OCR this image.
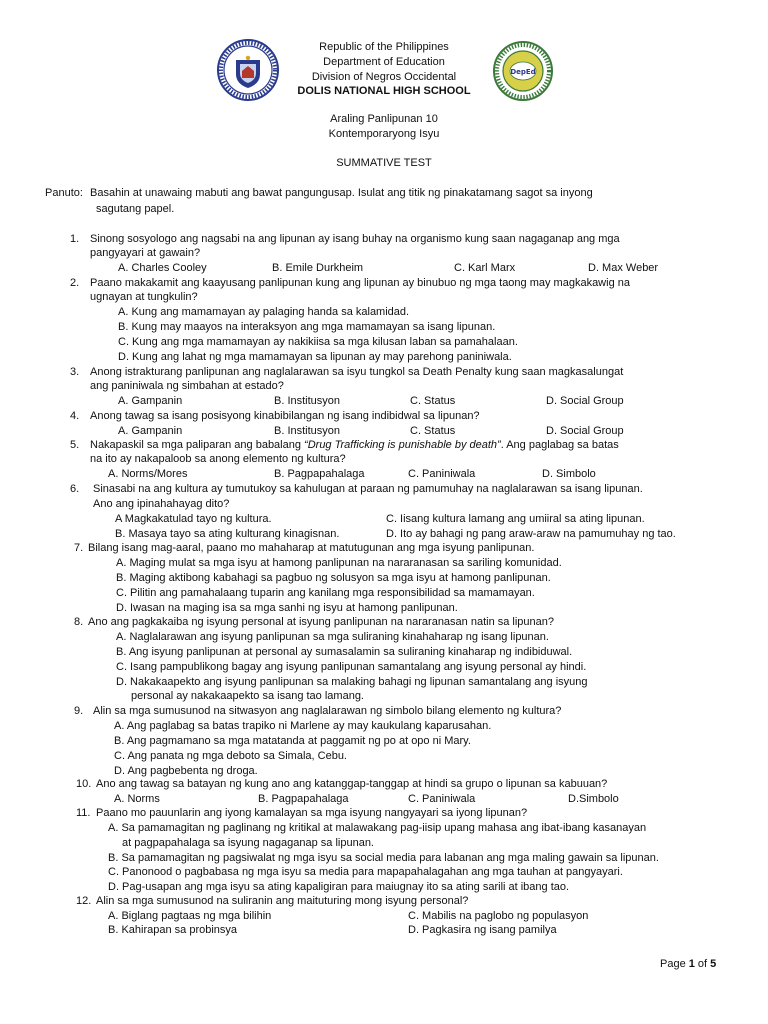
DepEd
Republic of the Philippines
Department of Education
Division of Negros Occidental
DOLIS NATIONAL HIGH SCHOOL
Araling Panlipunan 10
Kontemporaryong Isyu
SUMMATIVE TEST
Panuto: Basahin at unawaing mabuti ang bawat pangungusap. Isulat ang titik ng pinakatamang sagot sa inyong
sagutang papel.
1. Sinong sosyologo ang nagsabi na ang lipunan ay isang buhay na organismo kung saan nagaganap ang mga
pangyayari at gawain?
A. Charles Cooley	B. Emile Durkheim	C. Karl Marx	D. Max Weber
2. Paano makakamit ang kaayusang panlipunan kung ang lipunan ay binubuo ng mga taong may magkakawig na
ugnayan at tungkulin?
A. Kung ang mamamayan ay palaging handa sa kalamidad.
B. Kung may maayos na interaksyon ang mga mamamayan sa isang lipunan.
C. Kung ang mga mamamayan ay nakikiisa sa mga kilusan laban sa pamahalaan.
D. Kung ang lahat ng mga mamamayan sa lipunan ay may parehong paniniwala.
3. Anong istrakturang panlipunan ang naglalarawan sa isyu tungkol sa Death Penalty kung saan magkasalungat
ang paniniwala ng simbahan at estado?
A. Gampanin	B. Institusyon	C. Status	D. Social Group
4. Anong tawag sa isang posisyong kinabibilangan ng isang indibidwal sa lipunan?
A. Gampanin	B. Institusyon	C. Status	D. Social Group
5. Nakapaskil sa mga paliparan ang babalang “Drug Trafficking is punishable by death”. Ang paglabag sa batas
na ito ay nakapaloob sa anong elemento ng kultura?
A. Norms/Mores	B. Pagpapahalaga	C. Paniniwala	D. Simbolo
6. Sinasabi na ang kultura ay tumutukoy sa kahulugan at paraan ng pamumuhay na naglalarawan sa isang lipunan.
Ano ang ipinahahayag dito?
A Magkakatulad tayo ng kultura.	C. Iisang kultura lamang ang umiiral sa ating lipunan.
B. Masaya tayo sa ating kulturang kinagisnan.	D. Ito ay bahagi ng pang araw-araw na pamumuhay ng tao.
7. Bilang isang mag-aaral, paano mo mahaharap at matutugunan ang mga isyung panlipunan.
A. Maging mulat sa mga isyu at hamong panlipunan na nararanasan sa sariling komunidad.
B. Maging aktibong kabahagi sa pagbuo ng solusyon sa mga isyu at hamong panlipunan.
C. Pilitin ang pamahalaang tuparin ang kanilang mga responsibilidad sa mamamayan.
D. Iwasan na maging isa sa mga sanhi ng isyu at hamong panlipunan.
8. Ano ang pagkakaiba ng isyung personal at isyung panlipunan na nararanasan natin sa lipunan?
A. Naglalarawan ang isyung panlipunan sa mga suliraning kinahaharap ng isang lipunan.
B. Ang isyung panlipunan at personal ay sumasalamin sa suliraning kinaharap ng indibiduwal.
C. Isang pampublikong bagay ang isyung panlipunan samantalang ang isyung personal ay hindi.
D. Nakakaapekto ang isyung panlipunan sa malaking bahagi ng lipunan samantalang ang isyung
personal ay nakakaapekto sa isang tao lamang.
9. Alin sa mga sumusunod na sitwasyon ang naglalarawan ng simbolo bilang elemento ng kultura?
A. Ang paglabag sa batas trapiko ni Marlene ay may kaukulang kaparusahan.
B. Ang pagmamano sa mga matatanda at paggamit ng po at opo ni Mary.
C. Ang panata ng mga deboto sa Simala, Cebu.
D. Ang pagbebenta ng droga.
10. Ano ang tawag sa batayan ng kung ano ang katanggap-tanggap at hindi sa grupo o lipunan sa kabuuan?
A. Norms	B. Pagpapahalaga	C. Paniniwala	D.Simbolo
11. Paano mo pauunlarin ang iyong kamalayan sa mga isyung nangyayari sa iyong lipunan?
A. Sa pamamagitan ng paglinang ng kritikal at malawakang pag-iisip upang mahasa ang ibat-ibang kasanayan
at pagpapahalaga sa isyung nagaganap sa lipunan.
B. Sa pamamagitan ng pagsiwalat ng mga isyu sa social media para labanan ang mga maling gawain sa lipunan.
C. Panonood o pagbabasa ng mga isyu sa media para mapapahalagahan ang mga tauhan at pangyayari.
D. Pag-usapan ang mga isyu sa ating kapaligiran para maiugnay ito sa ating sarili at ibang tao.
12. Alin sa mga sumusunod na suliranin ang maituturing mong isyung personal?
A. Biglang pagtaas ng mga bilihin	C. Mabilis na paglobo ng populasyon
B. Kahirapan sa probinsya	D. Pagkasira ng isang pamilya
Page 1 of 5
